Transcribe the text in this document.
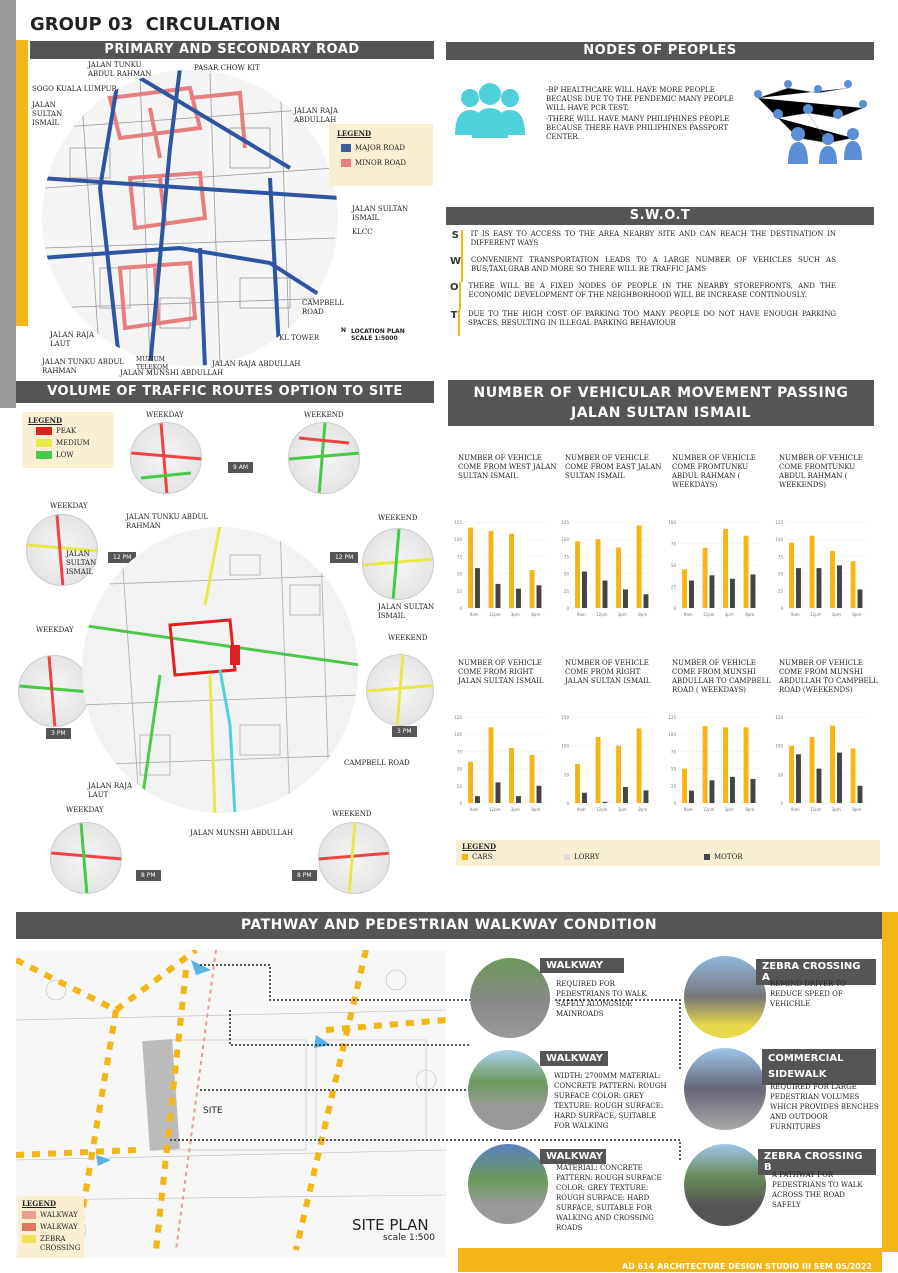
GROUP 03  CIRCULATION
PRIMARY AND SECONDARY ROAD
JALAN TUNKU ABDUL RAHMAN
PASAR CHOW KIT
SOGO KUALA LUMPUR
JALAN SULTAN ISMAIL
JALAN RAJA ABDULLAH
JALAN SULTAN ISMAIL
KLCC
CAMPBELL ROAD
KL TOWER
JALAN RAJA LAUT
JALAN TUNKU ABDUL RAHMAN
MUZIUM TELEKOM
JALAN MUNSHI ABDULLAH
JALAN RAJA ABDULLAH
LEGEND
MAJOR ROAD
MINOR ROAD
N LOCATION PLAN
SCALE 1:5000
NODES OF PEOPLES
-BP HEALTHCARE WILL HAVE MORE PEOPLE BECAUSE DUE TO THE PENDEMIC MANY PEOPLE WILL HAVE PCR TEST.
-THERE WILL HAVE MANY PHILIPHINES PEOPLE BECAUSE THERE HAVE PHILIPHINES PASSPORT CENTER.
S.W.O.T
S	IT IS EASY TO ACCESS TO THE AREA NEARBY SITE AND CAN REACH THE DESTINATION IN DIFFERENT WAYS
W CONVENIENT TRANSPORTATION LEADS TO A LARGE NUMBER OF VEHICLES SUCH AS BUS,TAXI,GRAB AND MORE SO THERE WILL BE TRAFFIC JAMS
O THERE WILL BE A FIXED NODES OF PEOPLE IN THE NEARBY STOREFRONTS, AND THE ECONOMIC DEVELOPMENT OF THE NEIGHBORHOOD WILL BE INCREASE CONTINOUSLY.
T	DUE TO THE HIGH COST OF PARKING TOO MANY PEOPLE DO NOT HAVE ENOUGH PARKING SPACES, RESULTING IN ILLEGAL PARKING BEHAVIOUR
VOLUME OF TRAFFIC ROUTES OPTION TO SITE
LEGEND
PEAK
MEDIUM
LOW
WEEKDAY	WEEKEND
9 AM
WEEKDAY
12 PM
WEEKEND
12 PM
WEEKDAY
3 PM
WEEKEND
3 PM
WEEKDAY
8 PM
WEEKEND
8 PM
JALAN TUNKU ABDUL RAHMAN
JALAN SULTAN ISMAIL
JALAN SULTAN ISMAIL
CAMPBELL ROAD
JALAN RAJA LAUT
JALAN MUNSHI ABDULLAH
NUMBER OF VEHICULAR MOVEMENT PASSING
JALAN SULTAN ISMAIL
NUMBER OF VEHICLE COME FROM WEST JALAN SULTAN ISMAIL
0
25
50
75
100
125
9am	12pm	3pm	8pm
NUMBER OF VEHICLE COME FROM EAST JALAN SULTAN ISMAIL
0
25
50
75
100
125
9am	12pm	3pm	8pm
NUMBER OF VEHICLE COME FROMTUNKU ABDUL RAHMAN ( WEEKDAYS)
0
25
50
75
100
9am	12pm	3pm	8pm
NUMBER OF VEHICLE COME FROMTUNKU ABDUL RAHMAN ( WEEKENDS)
0
25
50
75
100
125
9am	12pm	3pm	8pm
NUMBER OF VEHICLE COME FROM RIGHT JALAN SULTAN ISMAIL
0
25
50
75
100
125
9am	12pm	3pm	8pm
NUMBER OF VEHICLE COME FROM RIGHT JALAN SULTAN ISMAIL
0
50
100
150
9am	12pm	3pm	8pm
NUMBER OF VEHICLE COME FROM MUNSHI ABDULLAH TO CAMPBELL ROAD ( WEEKDAYS)
0
25
50
75
100
125
9am	12pm	3pm	8pm
NUMBER OF VEHICLE COME FROM MUNSHI ABDULLAH TO CAMPBELL ROAD (WEEKENDS)
0
50
100
150
9am	12pm	3pm	8pm
LEGEND
CARS	LORRY	MOTOR
PATHWAY AND PEDESTRIAN WALKWAY CONDITION
SITE
SITE PLAN
scale 1:500
LEGEND
WALKWAY
WALKWAY
ZEBRA CROSSING
WALKWAY
REQUIRED FOR PEDESTRIANS TO WALK SAFELY ALONGSIDE MAINROADS
WALKWAY
WIDTH: 2700MM MATERIAL: CONCRETE PATTERN: ROUGH SURFACE COLOR: GREY TEXTURE: ROUGH SURFACE: HARD SURFACE, SUITABLE FOR WALKING
WALKWAY
MATERIAL: CONCRETE PATTERN: ROUGH SURFACE COLOR: GREY TEXTURE: ROUGH SURFACE: HARD SURFACE, SUITABLE FOR WALKING AND CROSSING ROADS
ZEBRA CROSSING A
REMIND DRIVER TO REDUCE SPEED OF VEHICHLE
COMMERCIAL SIDEWALK
REQUIRED FOR LARGE PEDESTRIAN VOLUMES WHICH PROVIDES BENCHES AND OUTDOOR FURNITURES
ZEBRA CROSSING B
A PATHWAY FOR PEDESTRIANS TO WALK ACROSS THE ROAD SAFELY
AD 614 ARCHITECTURE DESIGN STUDIO III SEM 05/2022
